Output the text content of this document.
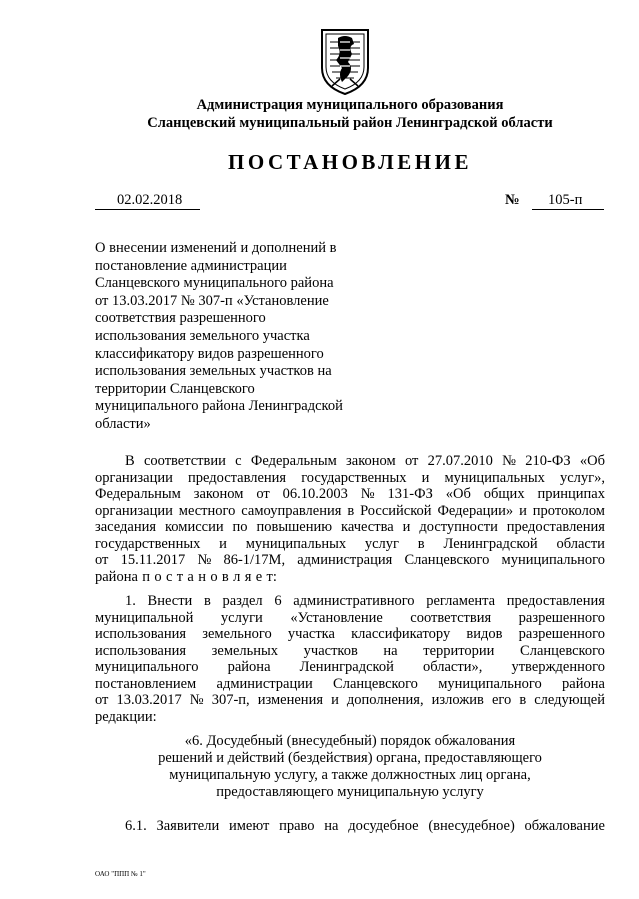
Администрация муниципального образования
Сланцевский муниципальный район Ленинградской области
ПОСТАНОВЛЕНИЕ
02.02.2018	№ 105-п
О внесении изменений и дополнений в
постановление администрации
Сланцевского муниципального района
от 13.03.2017 № 307-п «Установление
соответствия разрешенного
использования земельного участка
классификатору видов разрешенного
использования земельных участков на
территории Сланцевского
муниципального района Ленинградской
области»
В соответствии с Федеральным законом от 27.07.2010 № 210-ФЗ «Об
организации предоставления государственных и муниципальных услуг»,
Федеральным законом от 06.10.2003 № 131-ФЗ «Об общих принципах
организации местного самоуправления в Российской Федерации» и протоколом
заседания комиссии по повышению качества и доступности предоставления
государственных и муниципальных услуг в Ленинградской области
от 15.11.2017 № 86-1/17М, администрация Сланцевского муниципального
района п о с т а н о в л я е т:
1. Внести в раздел 6 административного регламента предоставления
муниципальной услуги «Установление соответствия разрешенного
использования земельного участка классификатору видов разрешенного
использования земельных участков на территории Сланцевского
муниципального района Ленинградской области», утвержденного
постановлением администрации Сланцевского муниципального района
от 13.03.2017 № 307-п, изменения и дополнения, изложив его в следующей
редакции:
«6. Досудебный (внесудебный) порядок обжалования
решений и действий (бездействия) органа, предоставляющего
муниципальную услугу, а также должностных лиц органа,
предоставляющего муниципальную услугу
6.1. Заявители имеют право на досудебное (внесудебное) обжалование
ОАО "ППП № 1"
